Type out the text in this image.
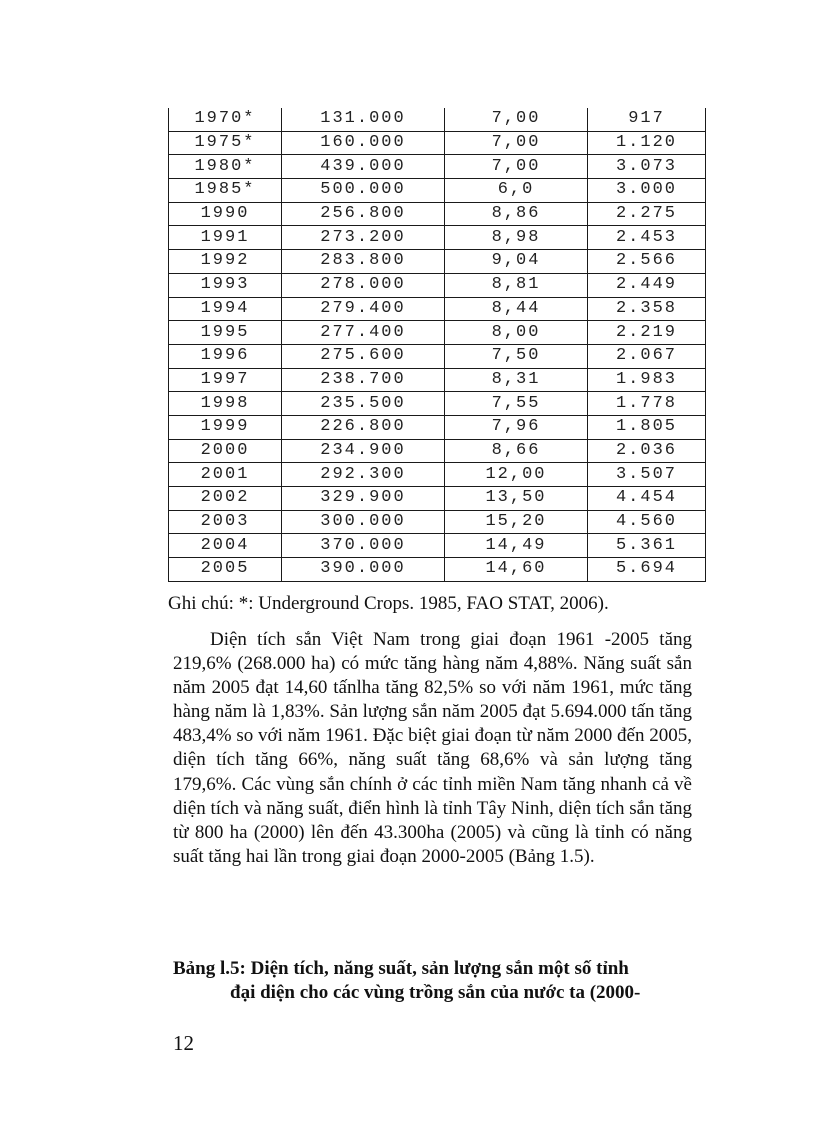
1970*	131.000	7,00	917
1975*	160.000	7,00	1.120
1980*	439.000	7,00	3.073
1985*	500.000	6,0	3.000
1990	256.800	8,86	2.275
1991	273.200	8,98	2.453
1992	283.800	9,04	2.566
1993	278.000	8,81	2.449
1994	279.400	8,44	2.358
1995	277.400	8,00	2.219
1996	275.600	7,50	2.067
1997	238.700	8,31	1.983
1998	235.500	7,55	1.778
1999	226.800	7,96	1.805
2000	234.900	8,66	2.036
2001	292.300	12,00	3.507
2002	329.900	13,50	4.454
2003	300.000	15,20	4.560
2004	370.000	14,49	5.361
2005	390.000	14,60	5.694
Ghi chú: *: Underground Crops. 1985, FAO STAT, 2006).

Diện tích sắn Việt Nam trong giai đoạn 1961 -2005 tăng 219,6% (268.000 ha) có mức tăng hàng năm 4,88%. Năng suất sắn năm 2005 đạt 14,60 tấnlha tăng 82,5% so với năm 1961, mức tăng hàng năm là 1,83%. Sản lượng sắn năm 2005 đạt 5.694.000 tấn tăng 483,4% so với năm 1961. Đặc biệt giai đoạn từ năm 2000 đến 2005, diện tích tăng 66%, năng suất tăng 68,6% và sản lượng tăng 179,6%. Các vùng sắn chính ở các tỉnh miền Nam tăng nhanh cả về diện tích và năng suất, điển hình là tỉnh Tây Ninh, diện tích sắn tăng từ 800 ha (2000) lên đến 43.300ha (2005) và cũng là tỉnh có năng suất tăng hai lần trong giai đoạn 2000-2005 (Bảng 1.5).

Bảng l.5: Diện tích, năng suất, sản lượng sắn một số tỉnh
đại diện cho các vùng trồng sắn của nước ta (2000-

12
